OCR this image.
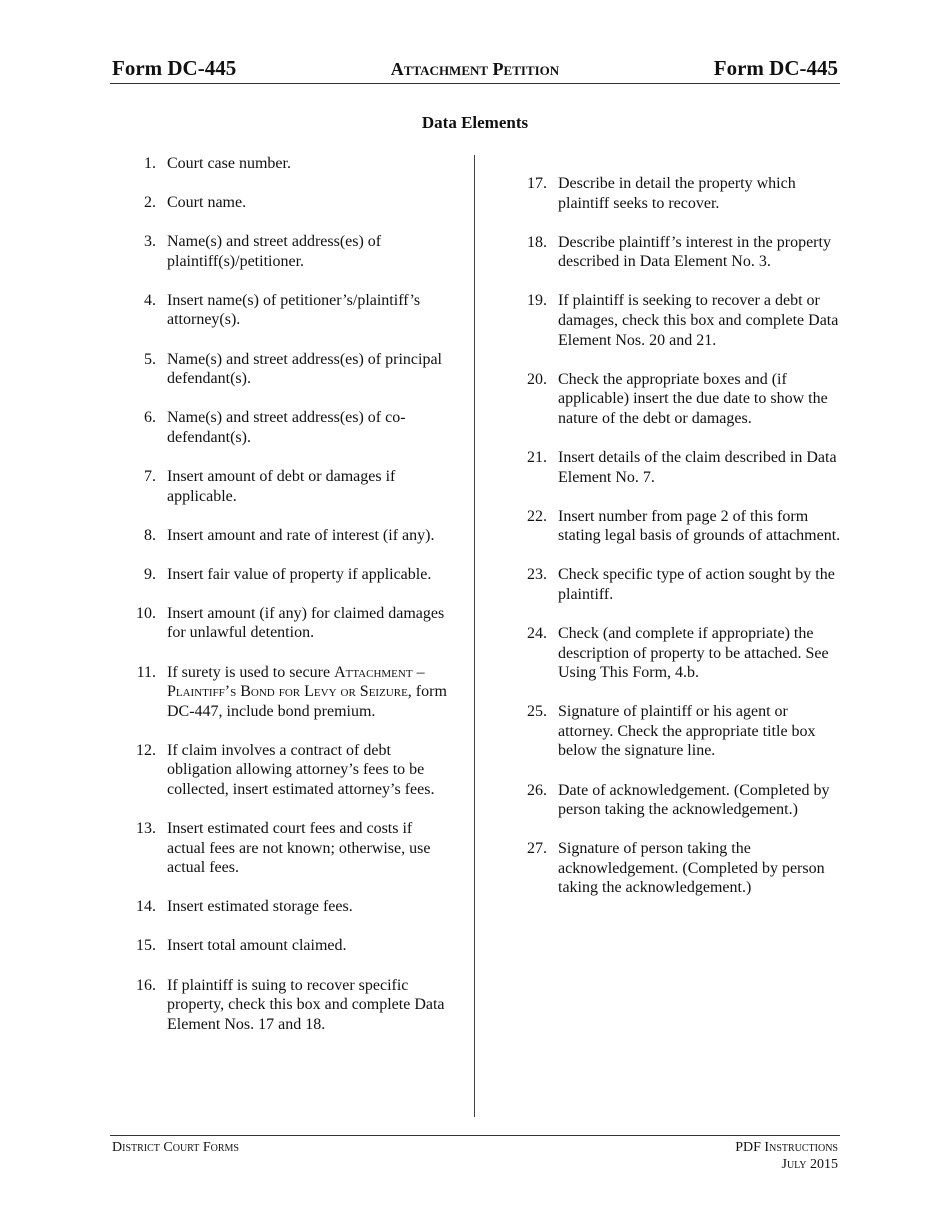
Form DC-445	Attachment Petition	Form DC-445
Data Elements
1. Court case number.
2. Court name.
3. Name(s) and street address(es) of plaintiff(s)/petitioner.
4. Insert name(s) of petitioner’s/plaintiff’s attorney(s).
5. Name(s) and street address(es) of principal defendant(s).
6. Name(s) and street address(es) of co-defendant(s).
7. Insert amount of debt or damages if applicable.
8. Insert amount and rate of interest (if any).
9. Insert fair value of property if applicable.
10. Insert amount (if any) for claimed damages for unlawful detention.
11. If surety is used to secure Attachment – Plaintiff’s Bond for Levy or Seizure, form DC-447, include bond premium.
12. If claim involves a contract of debt obligation allowing attorney’s fees to be collected, insert estimated attorney’s fees.
13. Insert estimated court fees and costs if actual fees are not known; otherwise, use actual fees.
14. Insert estimated storage fees.
15. Insert total amount claimed.
16. If plaintiff is suing to recover specific property, check this box and complete Data Element Nos. 17 and 18.
17. Describe in detail the property which plaintiff seeks to recover.
18. Describe plaintiff’s interest in the property described in Data Element No. 3.
19. If plaintiff is seeking to recover a debt or damages, check this box and complete Data Element Nos. 20 and 21.
20. Check the appropriate boxes and (if applicable) insert the due date to show the nature of the debt or damages.
21. Insert details of the claim described in Data Element No. 7.
22. Insert number from page 2 of this form stating legal basis of grounds of attachment.
23. Check specific type of action sought by the plaintiff.
24. Check (and complete if appropriate) the description of property to be attached. See Using This Form, 4.b.
25. Signature of plaintiff or his agent or attorney. Check the appropriate title box below the signature line.
26. Date of acknowledgement. (Completed by person taking the acknowledgement.)
27. Signature of person taking the acknowledgement. (Completed by person taking the acknowledgement.)
District Court Forms	PDF Instructions
July 2015
